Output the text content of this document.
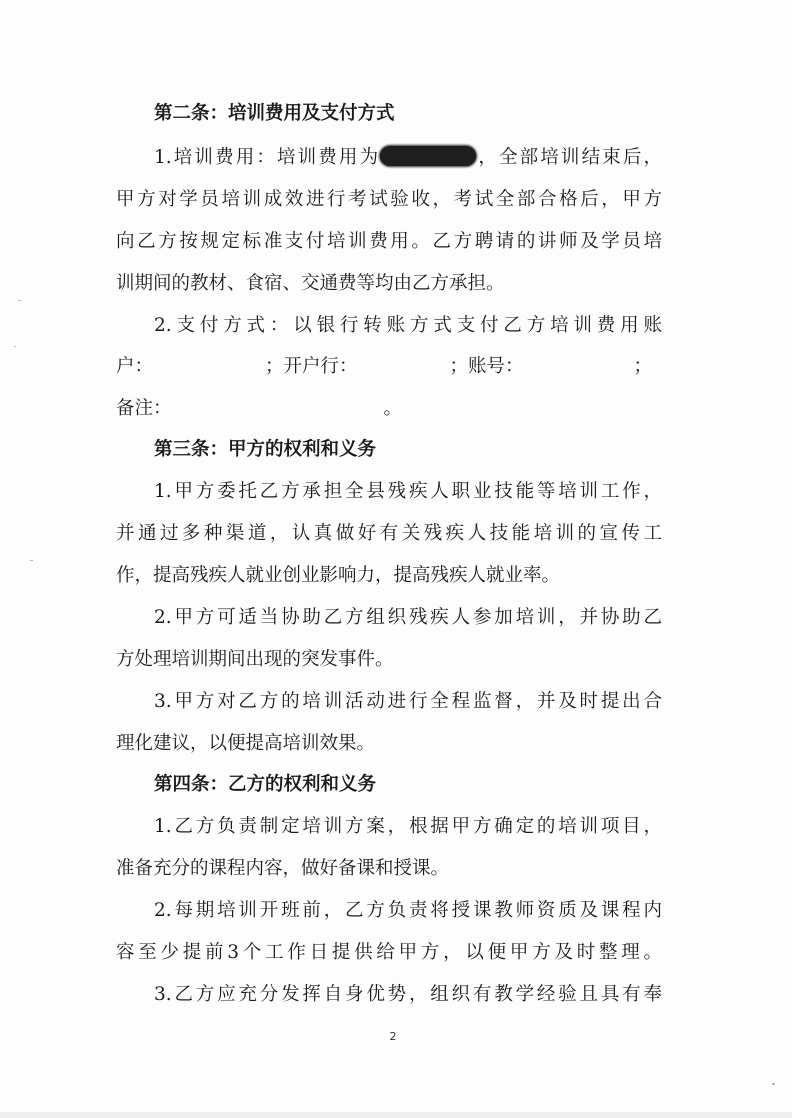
第二条：培训费用及支付方式
1.培训费用：培训费用为	，全部培训结束后，
甲方对学员培训成效进行考试验收，考试全部合格后，甲方
向乙方按规定标准支付培训费用。乙方聘请的讲师及学员培
训期间的教材、食宿、交通费等均由乙方承担。
2.支付方式：以银行转账方式支付乙方培训费用账
户：	；开户行：	；账号：	；
备注：	。
第三条：甲方的权利和义务
1.甲方委托乙方承担全县残疾人职业技能等培训工作，
并通过多种渠道，认真做好有关残疾人技能培训的宣传工
作，提高残疾人就业创业影响力，提高残疾人就业率。
2.甲方可适当协助乙方组织残疾人参加培训，并协助乙
方处理培训期间出现的突发事件。
3.甲方对乙方的培训活动进行全程监督，并及时提出合
理化建议，以便提高培训效果。
第四条：乙方的权利和义务
1.乙方负责制定培训方案，根据甲方确定的培训项目，
准备充分的课程内容，做好备课和授课。
2.每期培训开班前，乙方负责将授课教师资质及课程内
容至少提前3个工作日提供给甲方，以便甲方及时整理。
3.乙方应充分发挥自身优势，组织有教学经验且具有奉
2
